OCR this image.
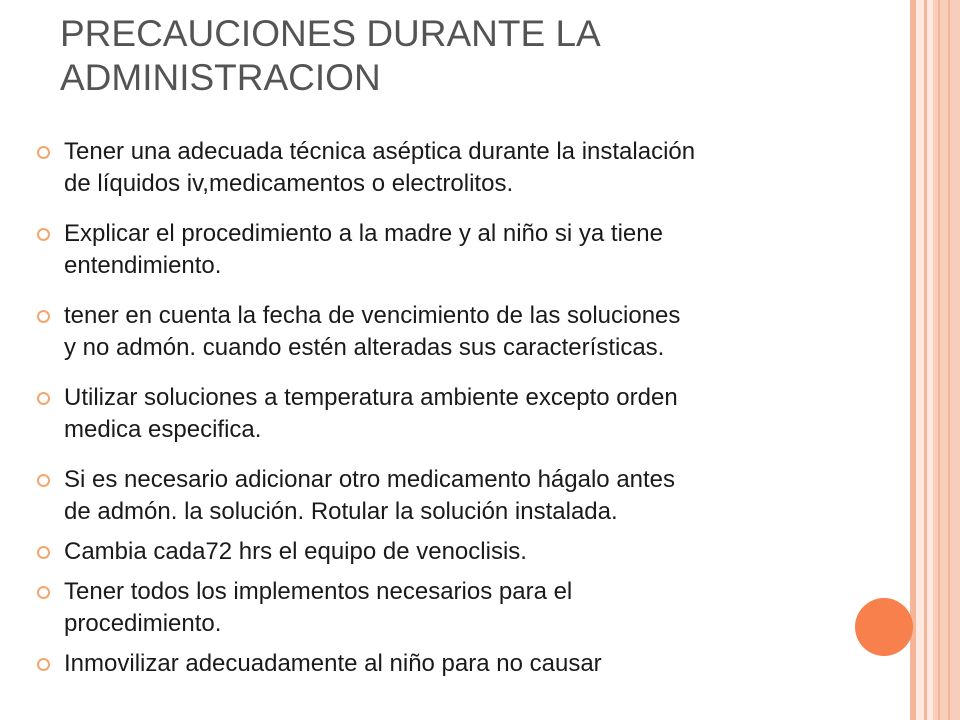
PRECAUCIONES DURANTE LA
ADMINISTRACION
Tener una adecuada técnica aséptica durante la instalación
de líquidos iv,medicamentos o electrolitos.
Explicar el procedimiento a la madre y al niño si ya tiene
entendimiento.
tener en cuenta la fecha de vencimiento de las soluciones
y no admón. cuando estén alteradas sus características.
Utilizar soluciones a temperatura ambiente excepto orden
medica especifica.
Si es necesario adicionar otro medicamento hágalo antes
de admón. la solución. Rotular la solución instalada.
Cambia cada72 hrs el equipo de venoclisis.
Tener todos los implementos necesarios para el
procedimiento.
Inmovilizar adecuadamente al niño para no causar
